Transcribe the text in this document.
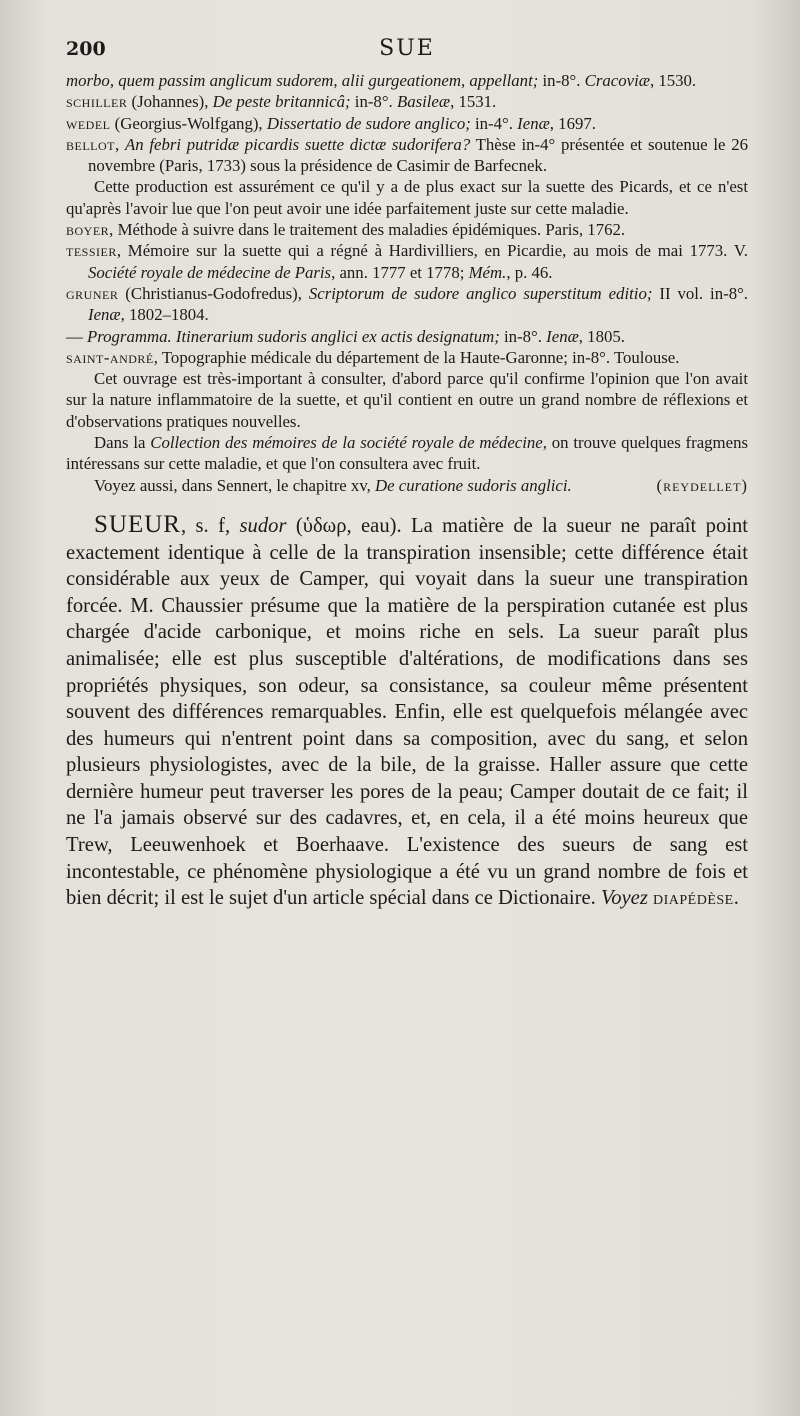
200	SUE

morbo, quem passim anglicum sudorem, alii gurgeationem, appellant; in-8°. Cracoviæ, 1530.

schiller (Johannes), De peste britannicâ; in-8°. Basileæ, 1531.

wedel (Georgius-Wolfgang), Dissertatio de sudore anglico; in-4°. Ienæ, 1697.

bellot, An febri putridæ picardis suette dictæ sudorifera? Thèse in-4° présentée et soutenue le 26 novembre (Paris, 1733) sous la présidence de Casimir de Barfecnek.

Cette production est assurément ce qu'il y a de plus exact sur la suette des Picards, et ce n'est qu'après l'avoir lue que l'on peut avoir une idée parfaitement juste sur cette maladie.

boyer, Méthode à suivre dans le traitement des maladies épidémiques. Paris, 1762.

tessier, Mémoire sur la suette qui a régné à Hardivilliers, en Picardie, au mois de mai 1773. V. Société royale de médecine de Paris, ann. 1777 et 1778; Mém., p. 46.

gruner (Christianus-Godofredus), Scriptorum de sudore anglico superstitum editio; II vol. in-8°. Ienæ, 1802–1804.

— Programma. Itinerarium sudoris anglici ex actis designatum; in-8°. Ienæ, 1805.

saint-andré, Topographie médicale du département de la Haute-Garonne; in-8°. Toulouse.

Cet ouvrage est très-important à consulter, d'abord parce qu'il confirme l'opinion que l'on avait sur la nature inflammatoire de la suette, et qu'il contient en outre un grand nombre de réflexions et d'observations pratiques nouvelles.

Dans la Collection des mémoires de la société royale de médecine, on trouve quelques fragmens intéressans sur cette maladie, et que l'on consultera avec fruit.

Voyez aussi, dans Sennert, le chapitre xv, De curatione sudoris anglici.	(reydellet)

SUEUR, s. f, sudor (ὑδωρ, eau). La matière de la sueur ne paraît point exactement identique à celle de la transpiration insensible; cette différence était considérable aux yeux de Camper, qui voyait dans la sueur une transpiration forcée. M. Chaussier présume que la matière de la perspiration cutanée est plus chargée d'acide carbonique, et moins riche en sels. La sueur paraît plus animalisée; elle est plus susceptible d'altérations, de modifications dans ses propriétés physiques, son odeur, sa consistance, sa couleur même présentent souvent des différences remarquables. Enfin, elle est quelquefois mélangée avec des humeurs qui n'entrent point dans sa composition, avec du sang, et selon plusieurs physiologistes, avec de la bile, de la graisse. Haller assure que cette dernière humeur peut traverser les pores de la peau; Camper doutait de ce fait; il ne l'a jamais observé sur des cadavres, et, en cela, il a été moins heureux que Trew, Leeuwenhoek et Boerhaave. L'existence des sueurs de sang est incontestable, ce phénomène physiologique a été vu un grand nombre de fois et bien décrit; il est le sujet d'un article spécial dans ce Dictionaire. Voyez diapédèse.
